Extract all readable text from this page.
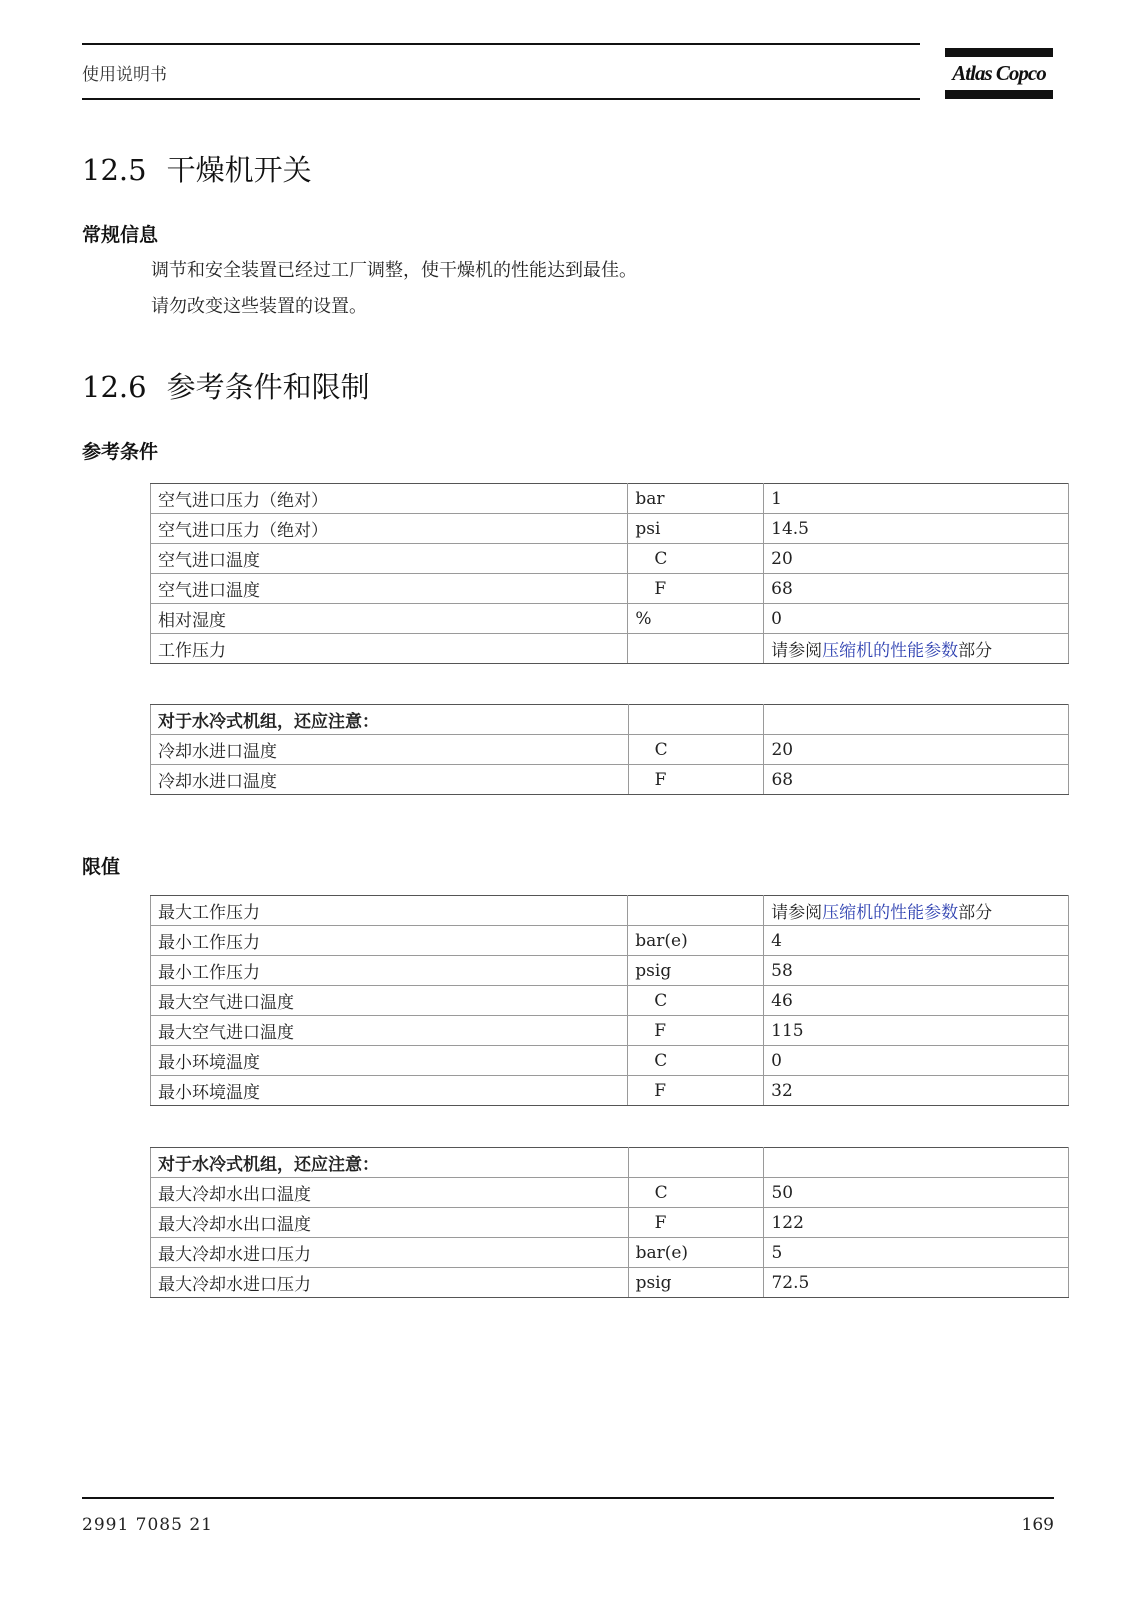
使用说明书	Atlas Copco
12.5 干燥机开关
常规信息
调节和安全装置已经过工厂调整，使干燥机的性能达到最佳。
请勿改变这些装置的设置。
12.6 参考条件和限制
参考条件
空气进口压力（绝对）	bar	1
空气进口压力（绝对）	psi	14.5
空气进口温度	C	20
空气进口温度	F	68
相对湿度	%	0
工作压力		请参阅压缩机的性能参数部分
对于水冷式机组，还应注意：		
冷却水进口温度	C	20
冷却水进口温度	F	68
限值
最大工作压力		请参阅压缩机的性能参数部分
最小工作压力	bar(e)	4
最小工作压力	psig	58
最大空气进口温度	C	46
最大空气进口温度	F	115
最小环境温度	C	0
最小环境温度	F	32
对于水冷式机组，还应注意：		
最大冷却水出口温度	C	50
最大冷却水出口温度	F	122
最大冷却水进口压力	bar(e)	5
最大冷却水进口压力	psig	72.5
2991 7085 21	169
